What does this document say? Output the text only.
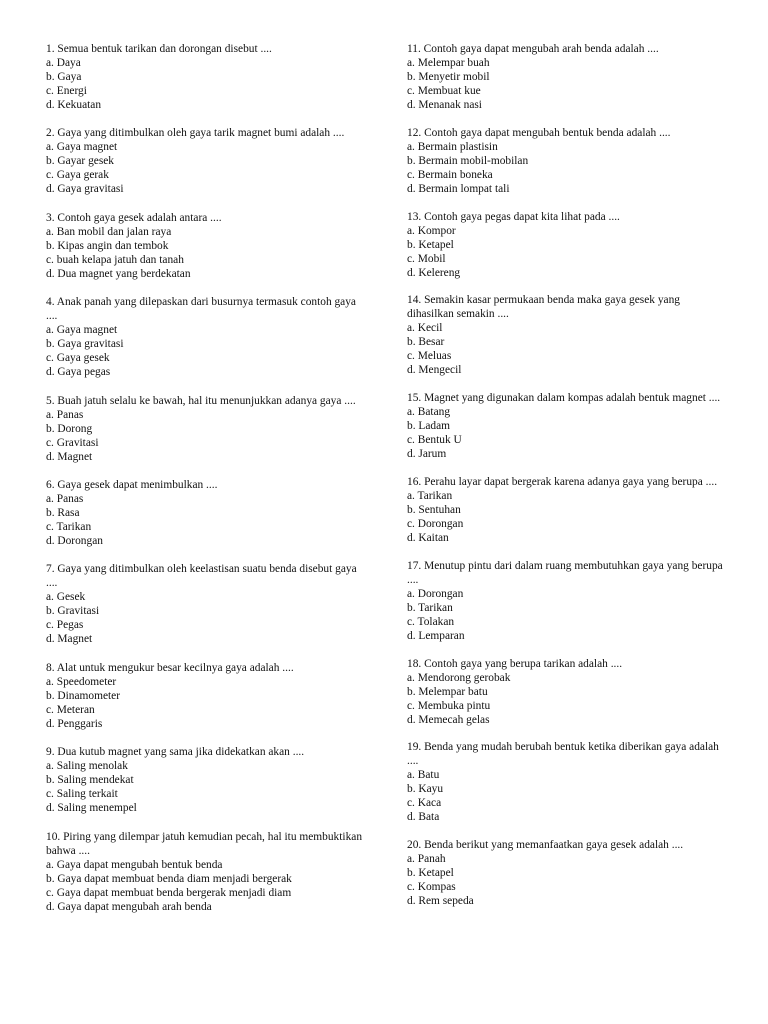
1. Semua bentuk tarikan dan dorongan disebut ....
a. Daya
b. Gaya
c. Energi
d. Kekuatan
2. Gaya yang ditimbulkan oleh gaya tarik magnet bumi adalah ....
a. Gaya magnet
b. Gayar gesek
c. Gaya gerak
d. Gaya gravitasi
3. Contoh gaya gesek adalah antara ....
a. Ban mobil dan jalan raya
b. Kipas angin dan tembok
c. buah kelapa jatuh dan tanah
d. Dua magnet yang berdekatan
4. Anak panah yang dilepaskan dari busurnya termasuk contoh gaya ....
a. Gaya magnet
b. Gaya gravitasi
c. Gaya gesek
d. Gaya pegas
5. Buah jatuh selalu ke bawah, hal itu menunjukkan adanya gaya ....
a. Panas
b. Dorong
c. Gravitasi
d. Magnet
6. Gaya gesek dapat menimbulkan ....
a. Panas
b. Rasa
c. Tarikan
d. Dorongan
7. Gaya yang ditimbulkan oleh keelastisan suatu benda disebut gaya ....
a. Gesek
b. Gravitasi
c. Pegas
d. Magnet
8. Alat untuk mengukur besar kecilnya gaya adalah ....
a. Speedometer
b. Dinamometer
c. Meteran
d. Penggaris
9. Dua kutub magnet yang sama jika didekatkan akan ....
a. Saling menolak
b. Saling mendekat
c. Saling terkait
d. Saling menempel
10. Piring yang dilempar jatuh kemudian pecah, hal itu membuktikan bahwa ....
a. Gaya dapat mengubah bentuk benda
b. Gaya dapat membuat benda diam menjadi bergerak
c. Gaya dapat membuat benda bergerak menjadi diam
d. Gaya dapat mengubah arah benda
11. Contoh gaya dapat mengubah arah benda adalah ....
a. Melempar buah
b. Menyetir mobil
c. Membuat kue
d. Menanak nasi
12. Contoh gaya dapat mengubah bentuk benda adalah ....
a. Bermain plastisin
b. Bermain mobil-mobilan
c. Bermain boneka
d. Bermain lompat tali
13. Contoh gaya pegas dapat kita lihat pada ....
a. Kompor
b. Ketapel
c. Mobil
d. Kelereng
14. Semakin kasar permukaan benda maka gaya gesek yang dihasilkan semakin ....
a. Kecil
b. Besar
c. Meluas
d. Mengecil
15. Magnet yang digunakan dalam kompas adalah bentuk magnet ....
a. Batang
b. Ladam
c. Bentuk U
d. Jarum
16. Perahu layar dapat bergerak karena adanya gaya yang berupa ....
a. Tarikan
b. Sentuhan
c. Dorongan
d. Kaitan
17. Menutup pintu dari dalam ruang membutuhkan gaya yang berupa ....
a. Dorongan
b. Tarikan
c. Tolakan
d. Lemparan
18. Contoh gaya yang berupa tarikan adalah ....
a. Mendorong gerobak
b. Melempar batu
c. Membuka pintu
d. Memecah gelas
19. Benda yang mudah berubah bentuk ketika diberikan gaya adalah ....
a. Batu
b. Kayu
c. Kaca
d. Bata
20. Benda berikut yang memanfaatkan gaya gesek adalah ....
a. Panah
b. Ketapel
c. Kompas
d. Rem sepeda
